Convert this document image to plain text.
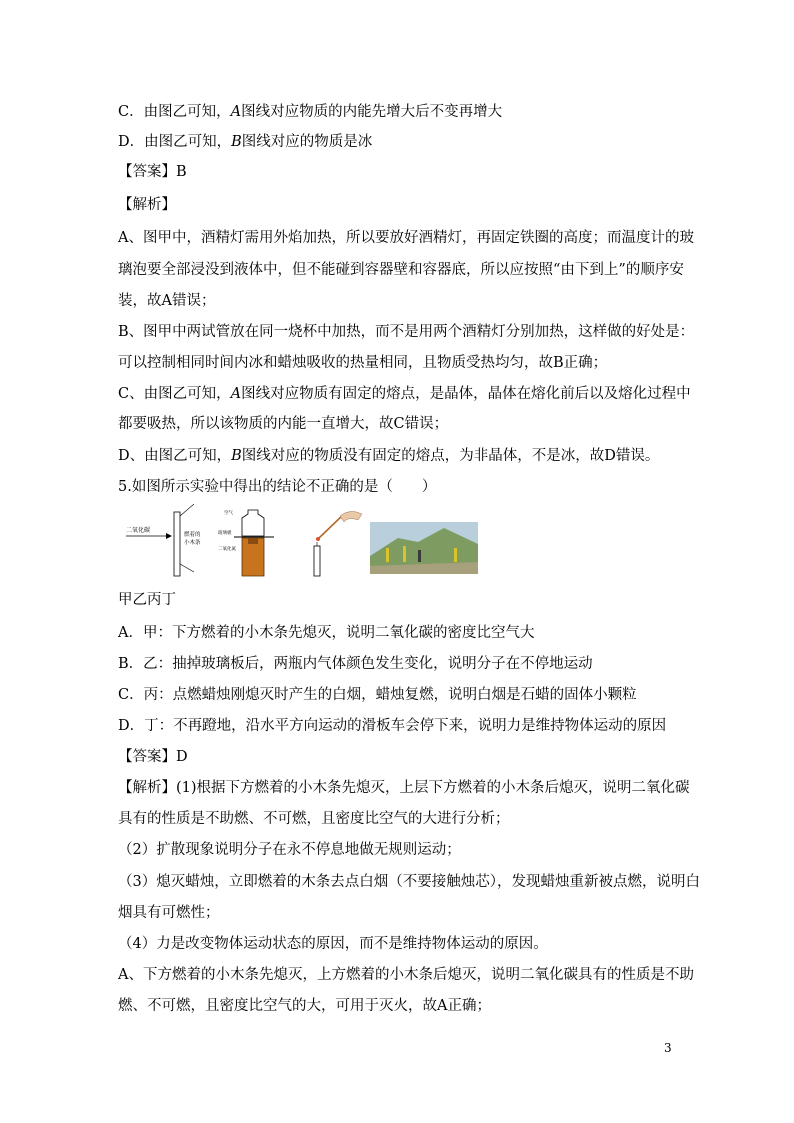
C．由图乙可知，A图线对应物质的内能先增大后不变再增大
D．由图乙可知，B图线对应的物质是冰
【答案】B
【解析】
A、图甲中，酒精灯需用外焰加热，所以要放好酒精灯，再固定铁圈的高度；而温度计的玻
璃泡要全部浸没到液体中，但不能碰到容器壁和容器底，所以应按照“由下到上”的顺序安
装，故A错误；
B、图甲中两试管放在同一烧杯中加热，而不是用两个酒精灯分别加热，这样做的好处是：
可以控制相同时间内冰和蜡烛吸收的热量相同，且物质受热均匀，故B正确；
C、由图乙可知，A图线对应物质有固定的熔点，是晶体，晶体在熔化前后以及熔化过程中
都要吸热，所以该物质的内能一直增大，故C错误；
D、由图乙可知，B图线对应的物质没有固定的熔点，为非晶体，不是冰，故D错误。
5.如图所示实验中得出的结论不正确的是（　　）
二氧化碳
燃着的
小木条
空气
玻璃板
二氧化氮
甲乙丙丁
A．甲：下方燃着的小木条先熄灭，说明二氧化碳的密度比空气大
B．乙：抽掉玻璃板后，两瓶内气体颜色发生变化，说明分子在不停地运动
C．丙：点燃蜡烛刚熄灭时产生的白烟，蜡烛复燃，说明白烟是石蜡的固体小颗粒
D．丁：不再蹬地，沿水平方向运动的滑板车会停下来，说明力是维持物体运动的原因
【答案】D
【解析】(1)根据下方燃着的小木条先熄灭，上层下方燃着的小木条后熄灭，说明二氧化碳
具有的性质是不助燃、不可燃，且密度比空气的大进行分析；
（2）扩散现象说明分子在永不停息地做无规则运动；
（3）熄灭蜡烛，立即燃着的木条去点白烟（不要接触烛芯），发现蜡烛重新被点燃，说明白
烟具有可燃性；
（4）力是改变物体运动状态的原因，而不是维持物体运动的原因。
A、下方燃着的小木条先熄灭，上方燃着的小木条后熄灭，说明二氧化碳具有的性质是不助
燃、不可燃，且密度比空气的大，可用于灭火，故A正确；
3
